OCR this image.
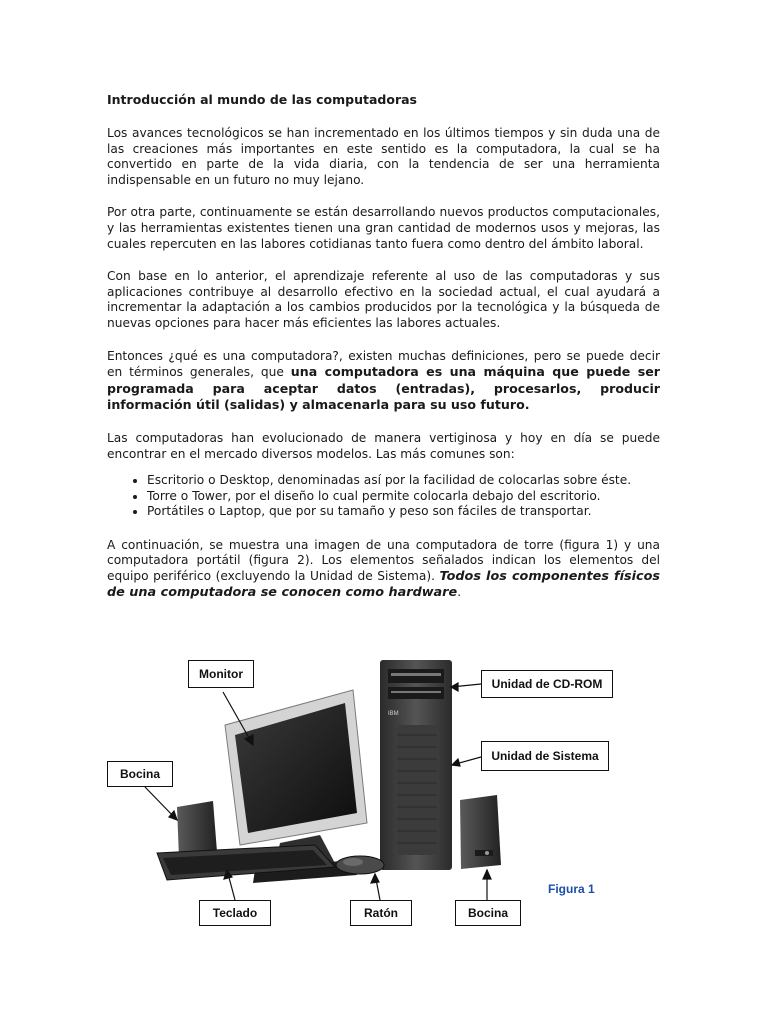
Introducción al mundo de las computadoras

Los avances tecnológicos se han incrementado en los últimos tiempos y sin duda una de las creaciones más importantes en este sentido es la computadora, la cual se ha convertido en parte de la vida diaria, con la tendencia de ser una herramienta indispensable en un futuro no muy lejano.

Por otra parte, continuamente se están desarrollando nuevos productos computacionales, y las herramientas existentes tienen una gran cantidad de modernos usos y mejoras, las cuales repercuten en las labores cotidianas tanto fuera como dentro del ámbito laboral.

Con base en lo anterior, el aprendizaje referente al uso de las computadoras y sus aplicaciones contribuye al desarrollo efectivo en la sociedad actual, el cual ayudará a incrementar la adaptación a los cambios producidos por la tecnológica y la búsqueda de nuevas opciones para hacer más eficientes las labores actuales.

Entonces ¿qué es una computadora?, existen muchas definiciones, pero se puede decir en términos generales, que una computadora es una máquina que puede ser programada para aceptar datos (entradas), procesarlos, producir información útil (salidas) y almacenarla para su uso futuro.

Las computadoras han evolucionado de manera vertiginosa y hoy en día se puede encontrar en el mercado diversos modelos. Las más comunes son:

• Escritorio o Desktop, denominadas así por la facilidad de colocarlas sobre éste.
• Torre o Tower, por el diseño lo cual permite colocarla debajo del escritorio.
• Portátiles o Laptop, que por su tamaño y peso son fáciles de transportar.

A continuación, se muestra una imagen de una computadora de torre (figura 1) y una computadora portátil (figura 2). Los elementos señalados indican los elementos del equipo periférico (excluyendo la Unidad de Sistema). Todos los componentes físicos de una computadora se conocen como hardware.

IBM
Monitor
Bocina
Unidad de CD-ROM
Unidad de Sistema
Teclado	Ratón	Bocina
Figura 1
